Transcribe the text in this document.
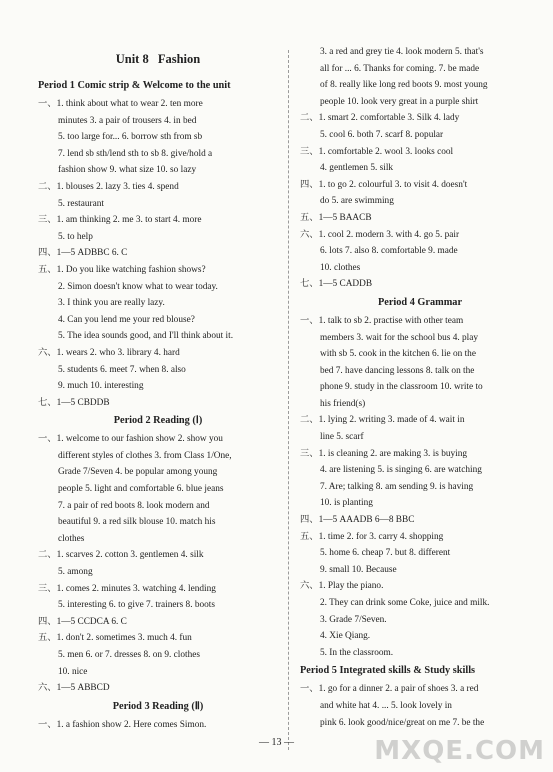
Unit 8 Fashion
Period 1 Comic strip & Welcome to the unit
一、1. think about what to wear 2. ten more
minutes 3. a pair of trousers 4. in bed
5. too large for... 6. borrow sth from sb
7. lend sb sth/lend sth to sb 8. give/hold a
fashion show 9. what size 10. so lazy
二、1. blouses 2. lazy 3. ties 4. spend
5. restaurant
三、1. am thinking 2. me 3. to start 4. more
5. to help
四、1—5 ADBBC 6. C
五、1. Do you like watching fashion shows?
2. Simon doesn't know what to wear today.
3. I think you are really lazy.
4. Can you lend me your red blouse?
5. The idea sounds good, and I'll think about it.
六、1. wears 2. who 3. library 4. hard
5. students 6. meet 7. when 8. also
9. much 10. interesting
七、1—5 CBDDB
Period 2 Reading (Ⅰ)
一、1. welcome to our fashion show 2. show you
different styles of clothes 3. from Class 1/One,
Grade 7/Seven 4. be popular among young
people 5. light and comfortable 6. blue jeans
7. a pair of red boots 8. look modern and
beautiful 9. a red silk blouse 10. match his
clothes
二、1. scarves 2. cotton 3. gentlemen 4. silk
5. among
三、1. comes 2. minutes 3. watching 4. lending
5. interesting 6. to give 7. trainers 8. boots
四、1—5 CCDCA 6. C
五、1. don't 2. sometimes 3. much 4. fun
5. men 6. or 7. dresses 8. on 9. clothes
10. nice
六、1—5 ABBCD
Period 3 Reading (Ⅱ)
一、1. a fashion show 2. Here comes Simon.
3. a red and grey tie 4. look modern 5. that's
all for ... 6. Thanks for coming. 7. be made
of 8. really like long red boots 9. most young
people 10. look very great in a purple shirt
二、1. smart 2. comfortable 3. Silk 4. lady
5. cool 6. both 7. scarf 8. popular
三、1. comfortable 2. wool 3. looks cool
4. gentlemen 5. silk
四、1. to go 2. colourful 3. to visit 4. doesn't
do 5. are swimming
五、1—5 BAACB
六、1. cool 2. modern 3. with 4. go 5. pair
6. lots 7. also 8. comfortable 9. made
10. clothes
七、1—5 CADDB
Period 4 Grammar
一、1. talk to sb 2. practise with other team
members 3. wait for the school bus 4. play
with sb 5. cook in the kitchen 6. lie on the
bed 7. have dancing lessons 8. talk on the
phone 9. study in the classroom 10. write to
his friend(s)
二、1. lying 2. writing 3. made of 4. wait in
line 5. scarf
三、1. is cleaning 2. are making 3. is buying
4. are listening 5. is singing 6. are watching
7. Are; talking 8. am sending 9. is having
10. is planting
四、1—5 AAADB 6—8 BBC
五、1. time 2. for 3. carry 4. shopping
5. home 6. cheap 7. but 8. different
9. small 10. Because
六、1. Play the piano.
2. They can drink some Coke, juice and milk.
3. Grade 7/Seven.
4. Xie Qiang.
5. In the classroom.
Period 5 Integrated skills & Study skills
一、1. go for a dinner 2. a pair of shoes 3. a red
and white hat 4. ... 5. look lovely in
pink 6. look good/nice/great on me 7. be the
— 13 —	MXQE.COM
